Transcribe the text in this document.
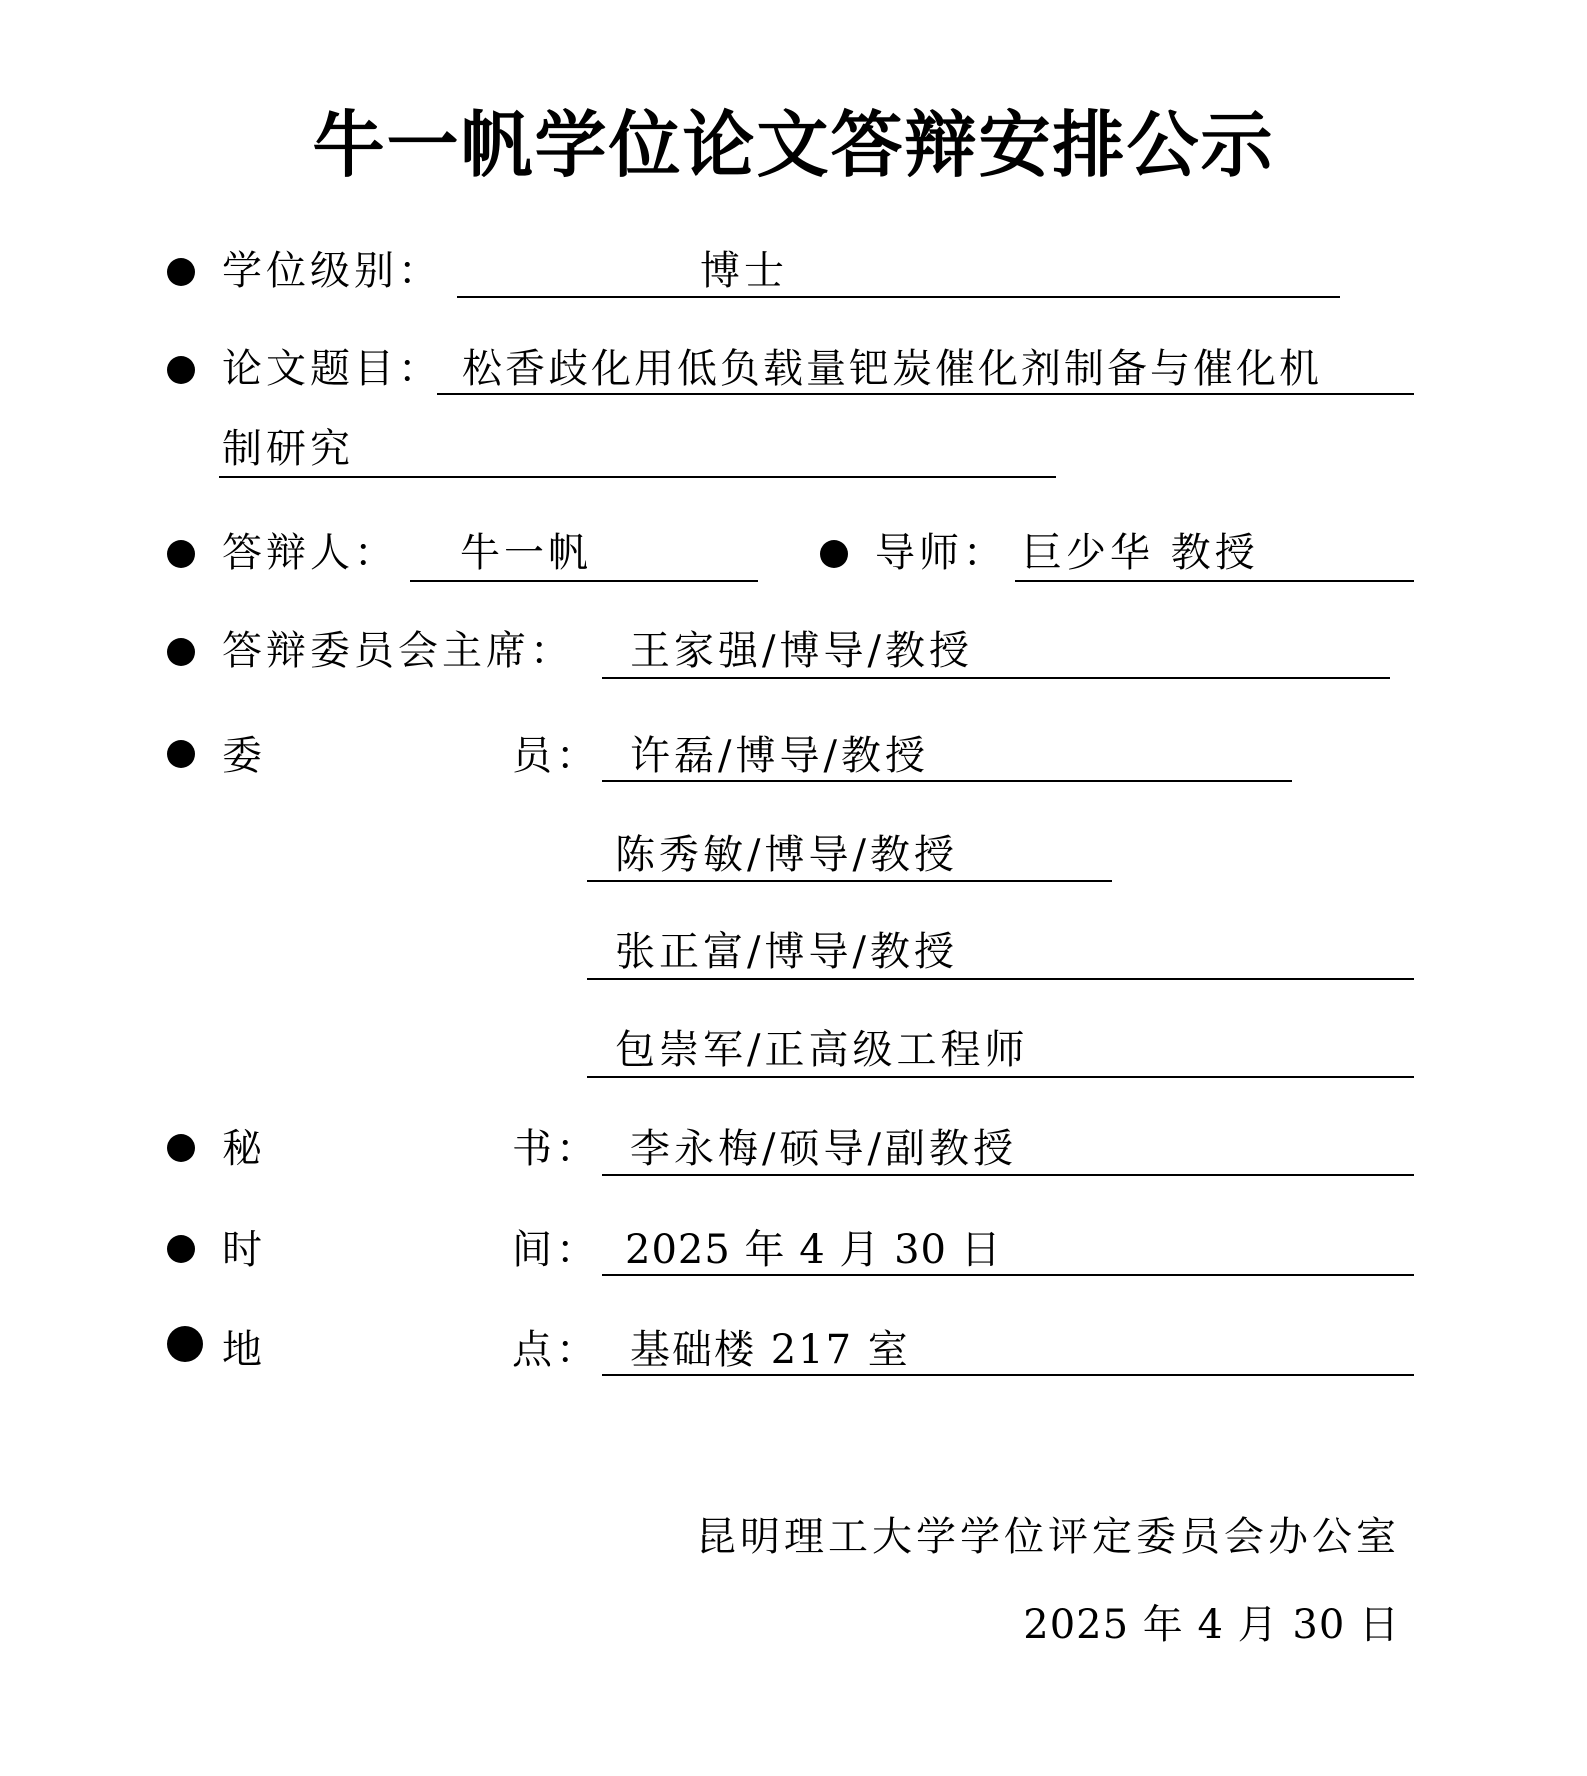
牛一帆学位论文答辩安排公示
学位级别：	博士
论文题目： 松香歧化用低负载量钯炭催化剂制备与催化机
制研究
答辩人： 牛一帆	导师： 巨少华 教授
答辩委员会主席： 王家强/博导/教授
委	员： 许磊/博导/教授
陈秀敏/博导/教授
张正富/博导/教授
包崇军/正高级工程师
秘	书： 李永梅/硕导/副教授
时	间： 2025 年 4 月 30 日
地	点： 基础楼 217 室
昆明理工大学学位评定委员会办公室
2025 年 4 月 30 日
